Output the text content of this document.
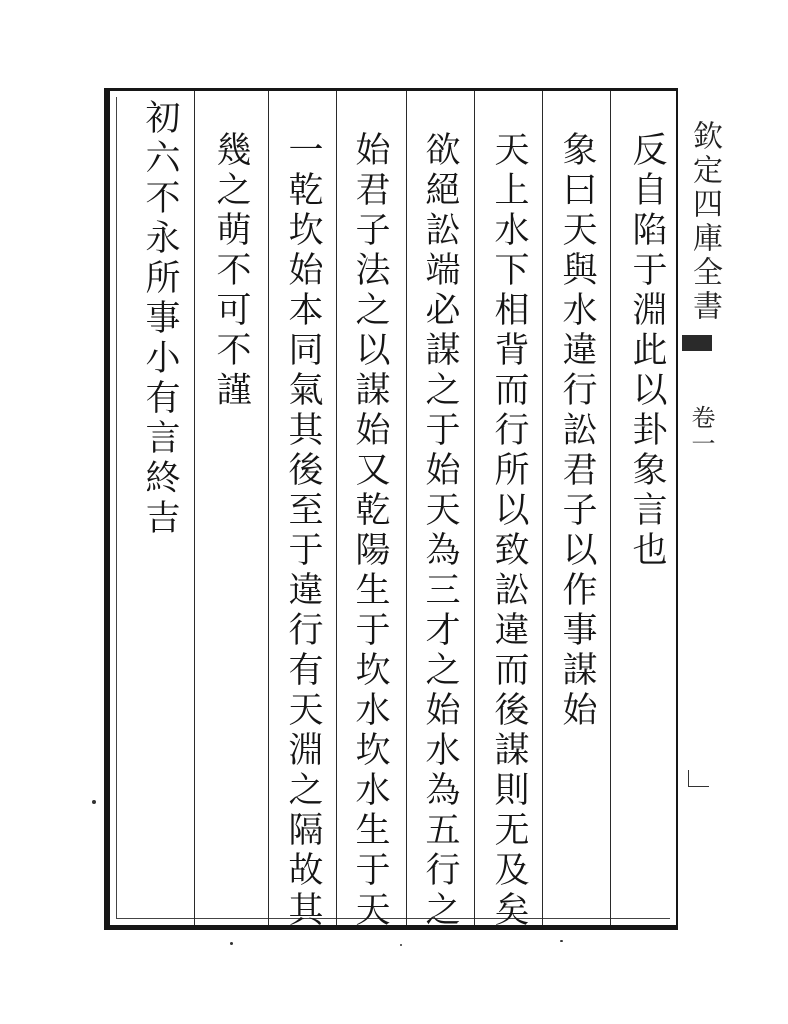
反自陷于淵此以卦象言也
象曰天與水違行訟君子以作事謀始
天上水下相背而行所以致訟違而後謀則无及矣
欲絕訟端必謀之于始天為三才之始水為五行之
始君子法之以謀始又乾陽生于坎水坎水生于天
一乾坎始本同氣其後至于違行有天淵之隔故其
幾之萌不可不謹
初六不永所事小有言終吉	欽定四庫全書
卷一
